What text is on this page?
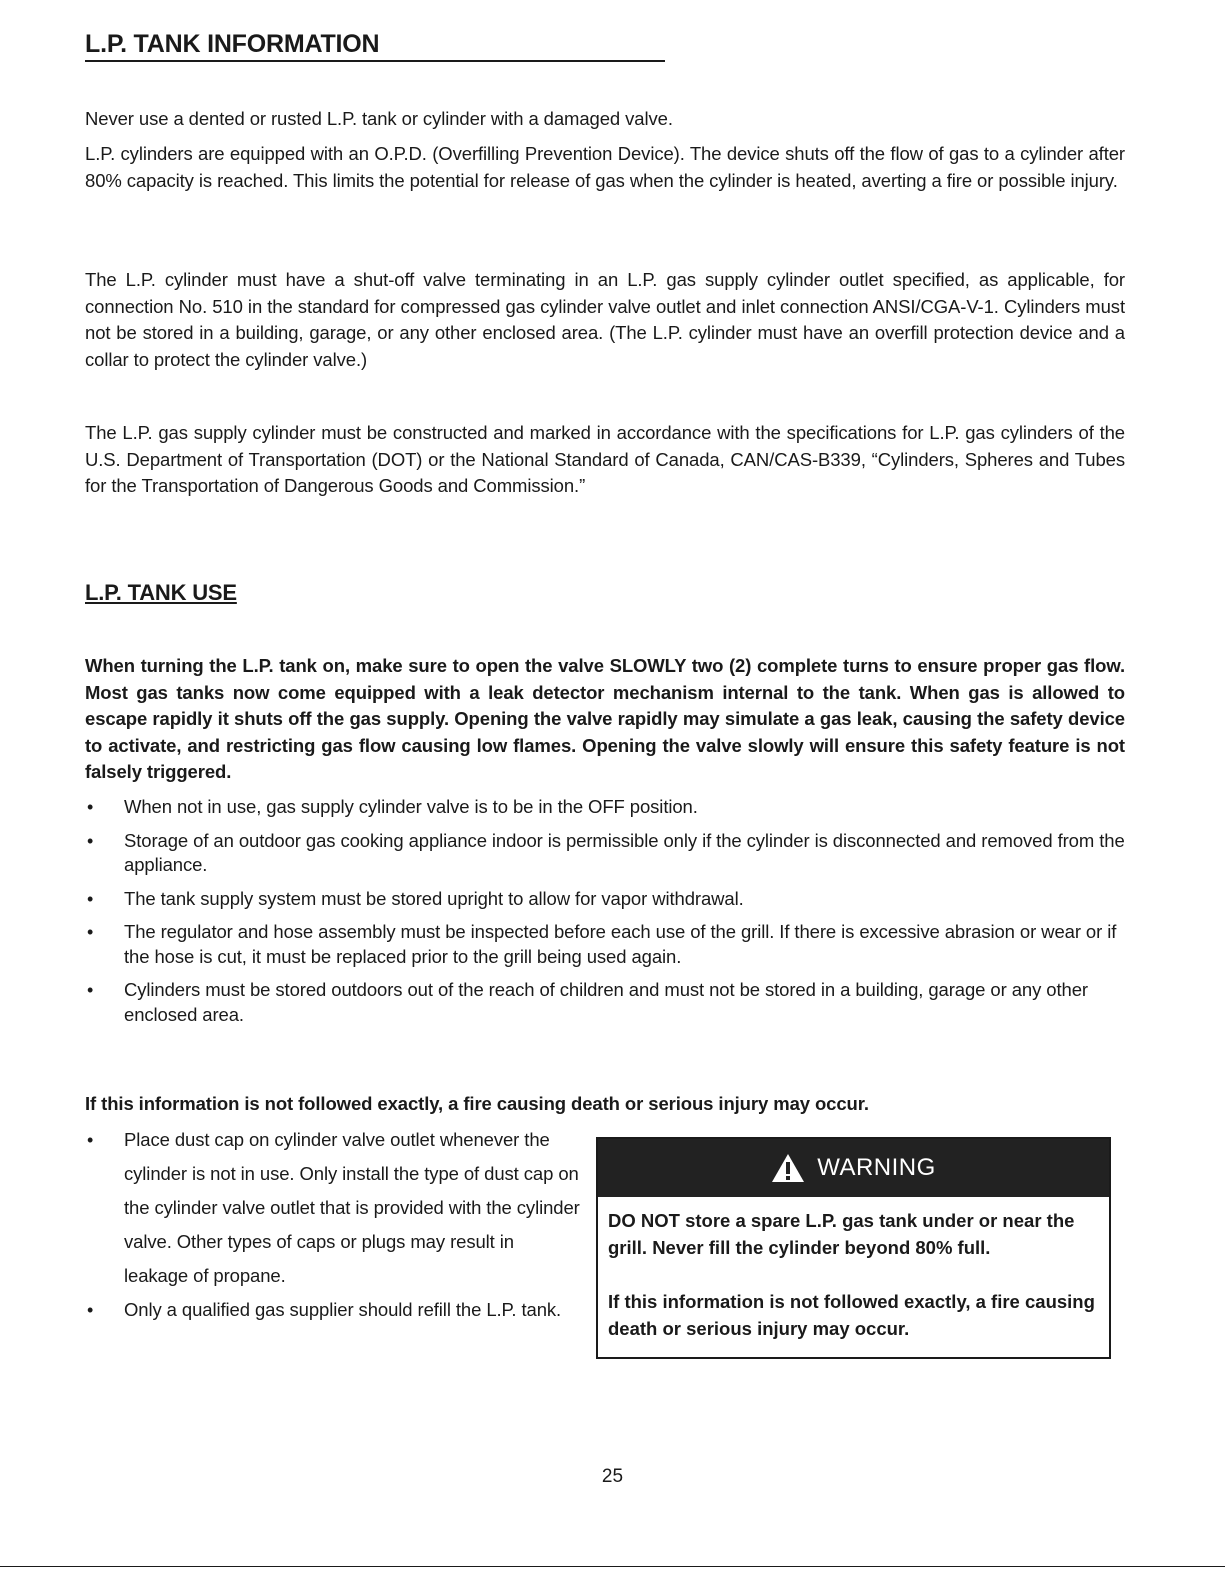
L.P. TANK INFORMATION

Never use a dented or rusted L.P. tank or cylinder with a damaged valve.

L.P. cylinders are equipped with an O.P.D. (Overfilling Prevention Device). The device shuts off the flow of gas to a cylinder after 80% capacity is reached. This limits the potential for release of gas when the cylinder is heated, averting a fire or possible injury.

The L.P. cylinder must have a shut-off valve terminating in an L.P. gas supply cylinder outlet specified, as applicable, for connection No. 510 in the standard for compressed gas cylinder valve outlet and inlet connection ANSI/CGA-V-1. Cylinders must not be stored in a building, garage, or any other enclosed area. (The L.P. cylinder must have an overfill protection device and a collar to protect the cylinder valve.)

The L.P. gas supply cylinder must be constructed and marked in accordance with the specifications for L.P. gas cylinders of the U.S. Department of Transportation (DOT) or the National Standard of Canada, CAN/CAS-B339, “Cylinders, Spheres and Tubes for the Transportation of Dangerous Goods and Commission.”

L.P. TANK USE

When turning the L.P. tank on, make sure to open the valve SLOWLY two (2) complete turns to ensure proper gas flow. Most gas tanks now come equipped with a leak detector mechanism internal to the tank. When gas is allowed to escape rapidly it shuts off the gas supply. Opening the valve rapidly may simulate a gas leak, causing the safety device to activate, and restricting gas flow causing low flames. Opening the valve slowly will ensure this safety feature is not falsely triggered.

• When not in use, gas supply cylinder valve is to be in the OFF position.
• Storage of an outdoor gas cooking appliance indoor is permissible only if the cylinder is disconnected and removed from the appliance.
• The tank supply system must be stored upright to allow for vapor withdrawal.
• The regulator and hose assembly must be inspected before each use of the grill. If there is excessive abrasion or wear or if the hose is cut, it must be replaced prior to the grill being used again.
• Cylinders must be stored outdoors out of the reach of children and must not be stored in a building, garage or any other enclosed area.

If this information is not followed exactly, a fire causing death or serious injury may occur.

• Place dust cap on cylinder valve outlet whenever the cylinder is not in use. Only install the type of dust cap on the cylinder valve outlet that is provided with the cylinder valve. Other types of caps or plugs may result in leakage of propane.
• Only a qualified gas supplier should refill the L.P. tank.
WARNING

DO NOT store a spare L.P. gas tank under or near the grill. Never fill the cylinder beyond 80% full.

If this information is not followed exactly, a fire causing death or serious injury may occur.

25
